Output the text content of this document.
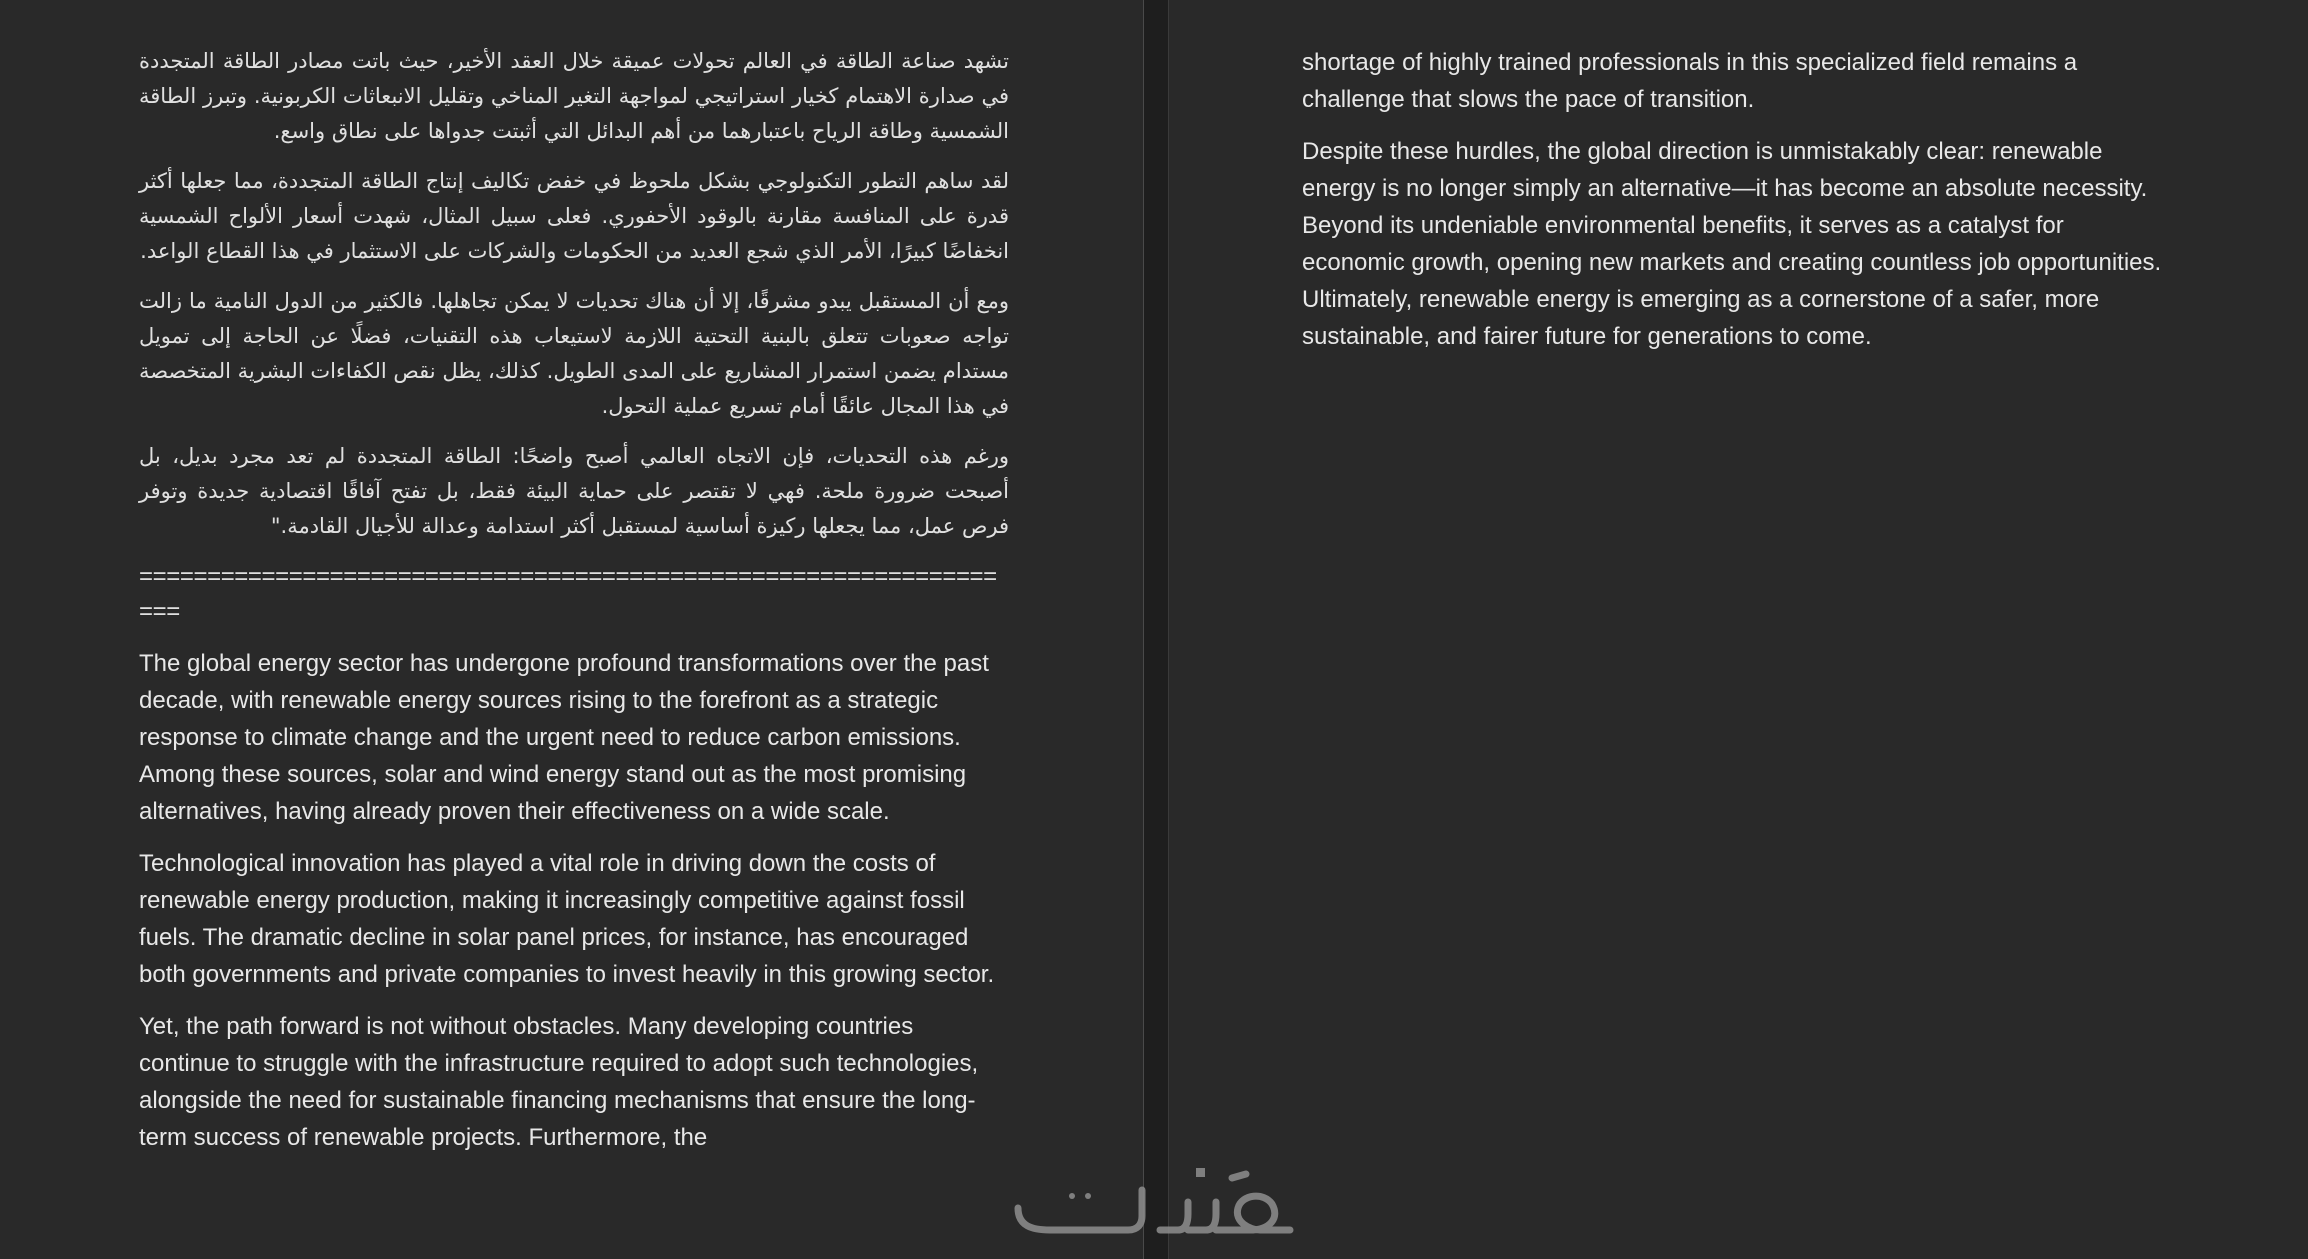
تشهد صناعة الطاقة في العالم تحولات عميقة خلال العقد الأخير، حيث باتت مصادر الطاقة المتجددة في صدارة الاهتمام كخيار استراتيجي لمواجهة التغير المناخي وتقليل الانبعاثات الكربونية. وتبرز الطاقة الشمسية وطاقة الرياح باعتبارهما من أهم البدائل التي أثبتت جدواها على نطاق واسع.

لقد ساهم التطور التكنولوجي بشكل ملحوظ في خفض تكاليف إنتاج الطاقة المتجددة، مما جعلها أكثر قدرة على المنافسة مقارنة بالوقود الأحفوري. فعلى سبيل المثال، شهدت أسعار الألواح الشمسية انخفاضًا كبيرًا، الأمر الذي شجع العديد من الحكومات والشركات على الاستثمار في هذا القطاع الواعد.

ومع أن المستقبل يبدو مشرقًا، إلا أن هناك تحديات لا يمكن تجاهلها. فالكثير من الدول النامية ما زالت تواجه صعوبات تتعلق بالبنية التحتية اللازمة لاستيعاب هذه التقنيات، فضلًا عن الحاجة إلى تمويل مستدام يضمن استمرار المشاريع على المدى الطويل. كذلك، يظل نقص الكفاءات البشرية المتخصصة في هذا المجال عائقًا أمام تسريع عملية التحول.

ورغم هذه التحديات، فإن الاتجاه العالمي أصبح واضحًا: الطاقة المتجددة لم تعد مجرد بديل، بل أصبحت ضرورة ملحة. فهي لا تقتصر على حماية البيئة فقط، بل تفتح آفاقًا اقتصادية جديدة وتوفر فرص عمل، مما يجعلها ركيزة أساسية لمستقبل أكثر استدامة وعدالة للأجيال القادمة."

==================================================================

The global energy sector has undergone profound transformations over the past decade, with renewable energy sources rising to the forefront as a strategic response to climate change and the urgent need to reduce carbon emissions. Among these sources, solar and wind energy stand out as the most promising alternatives, having already proven their effectiveness on a wide scale.

Technological innovation has played a vital role in driving down the costs of renewable energy production, making it increasingly competitive against fossil fuels. The dramatic decline in solar panel prices, for instance, has encouraged both governments and private companies to invest heavily in this growing sector.

Yet, the path forward is not without obstacles. Many developing countries continue to struggle with the infrastructure required to adopt such technologies, alongside the need for sustainable financing mechanisms that ensure the long-term success of renewable projects. Furthermore, the

shortage of highly trained professionals in this specialized field remains a challenge that slows the pace of transition.

Despite these hurdles, the global direction is unmistakably clear: renewable energy is no longer simply an alternative—it has become an absolute necessity. Beyond its undeniable environmental benefits, it serves as a catalyst for economic growth, opening new markets and creating countless job opportunities. Ultimately, renewable energy is emerging as a cornerstone of a safer, more sustainable, and fairer future for generations to come.
